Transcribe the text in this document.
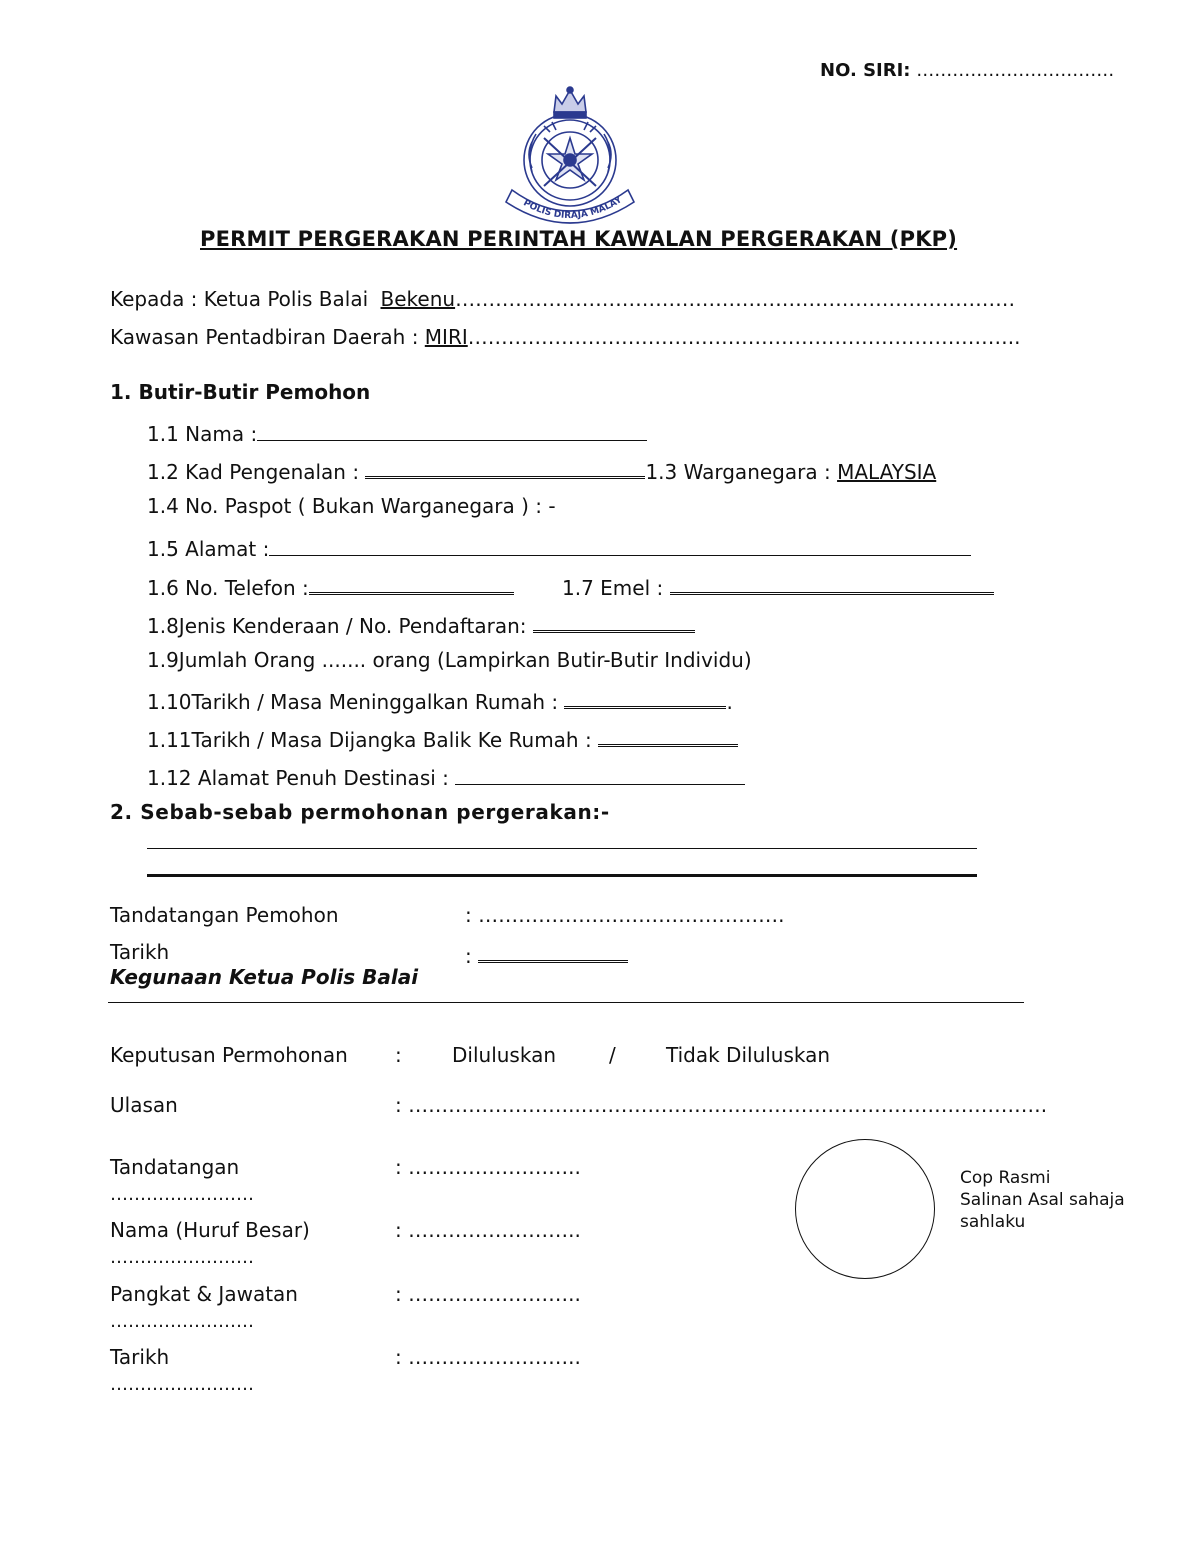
NO. SIRI: ……………………………
POLIS DIRAJA MALAY
PERMIT PERGERAKAN PERINTAH KAWALAN PERGERAKAN (PKP)
Kepada : Ketua Polis Balai Bekenu…………………………………………………………………………
Kawasan Pentadbiran Daerah : MIRI………………………………………………………………………..
1. Butir-Butir Pemohon
1.1 Nama :
1.2 Kad Pengenalan :	1.3 Warganegara : MALAYSIA
1.4 No. Paspot ( Bukan Warganegara ) : -
1.5 Alamat :
1.6 No. Telefon :	1.7 Emel :
1.8Jenis Kenderaan / No. Pendaftaran:
1.9Jumlah Orang ....... orang (Lampirkan Butir-Butir Individu)
1.10Tarikh / Masa Meninggalkan Rumah :	.
1.11Tarikh / Masa Dijangka Balik Ke Rumah :
1.12 Alamat Penuh Destinasi :
2. Sebab-sebab permohonan pergerakan:-
Tandatangan Pemohon	: ……………………………………….
Tarikh	:
Kegunaan Ketua Polis Balai
Keputusan Permohonan :	Diluluskan	/	Tidak Diluluskan
Ulasan	: ……………………..…………………………………………………………….
Tandatangan	: ……………………..
……………………
Nama (Huruf Besar)	: ……………………..
……………………
Pangkat & Jawatan	: ……………………..
……………………
Tarikh	: ……………………..
……………………
Cop Rasmi
Salinan Asal sahaja
sahlaku
